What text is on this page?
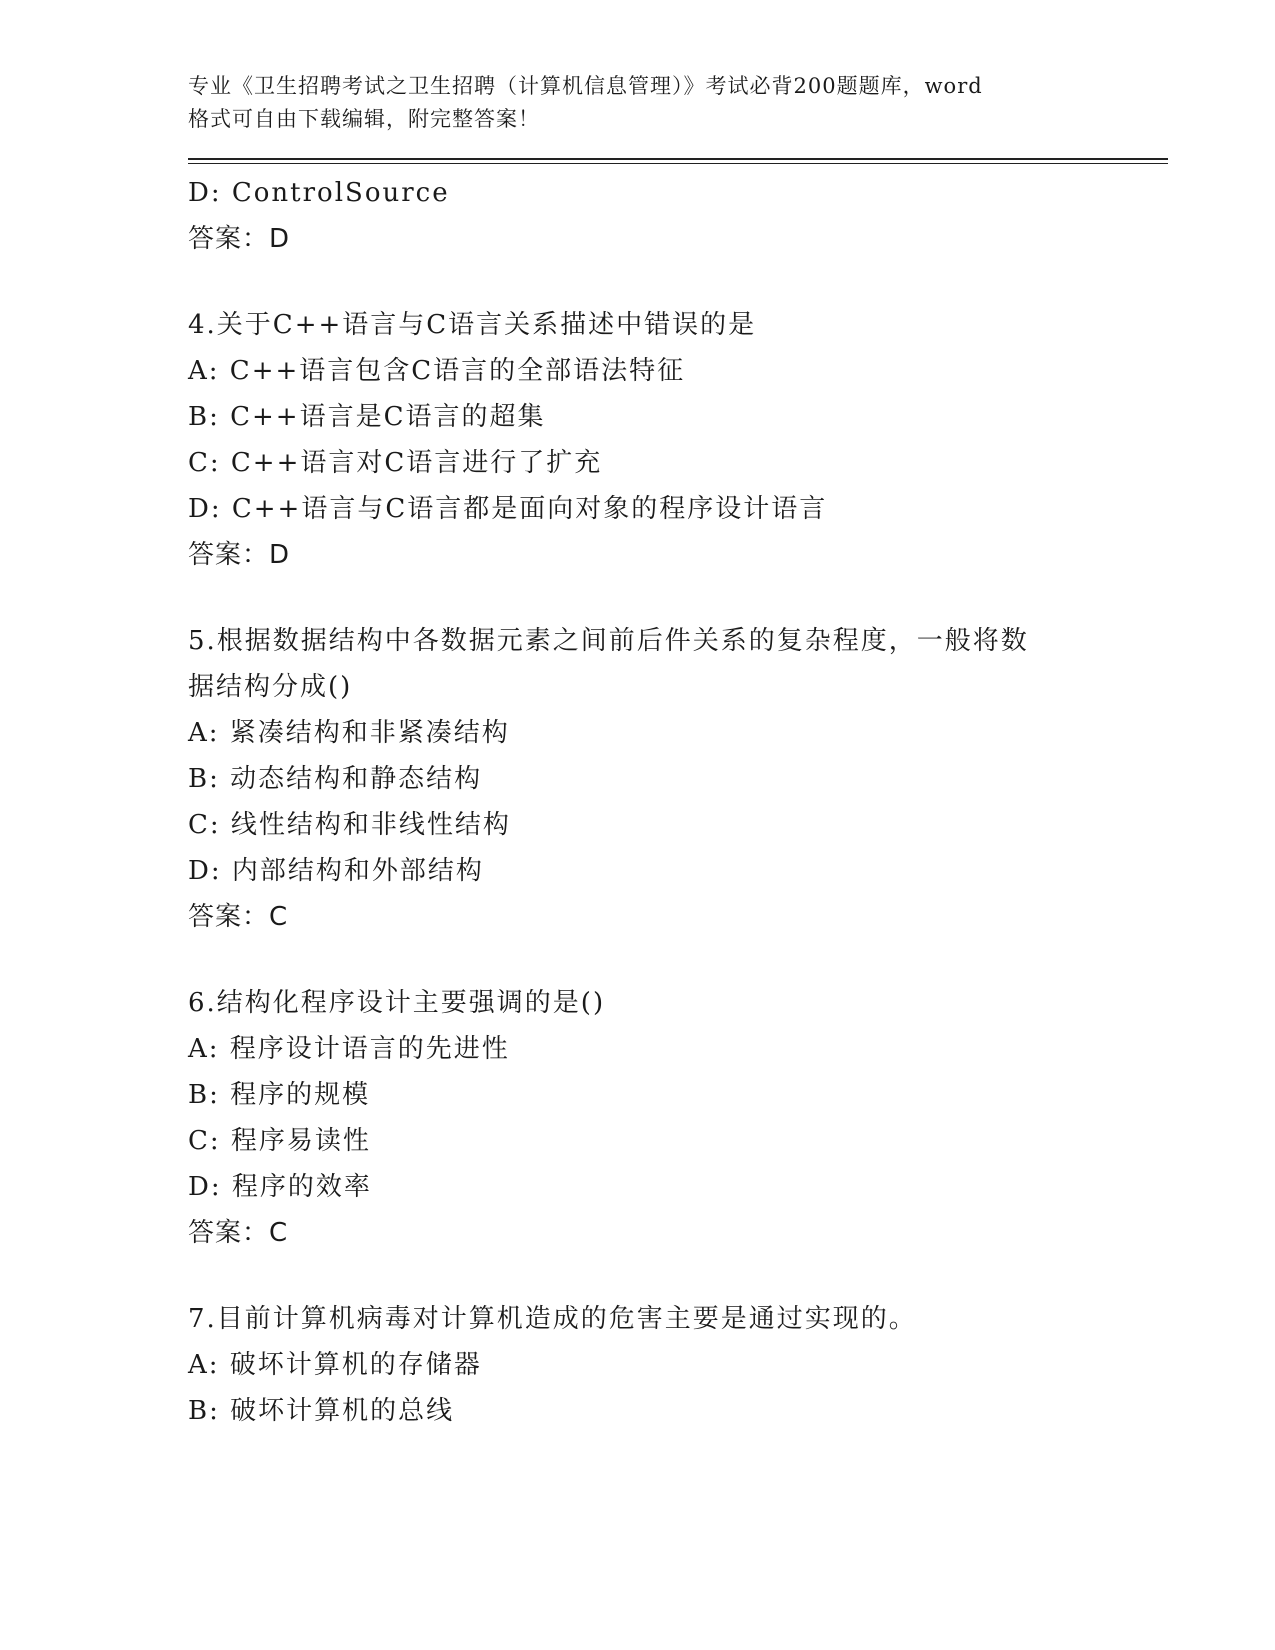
专业《卫生招聘考试之卫生招聘（计算机信息管理）》考试必背200题题库，word
格式可自由下载编辑，附完整答案！

D: ControlSource

答案：D

4.关于C++语言与C语言关系描述中错误的是

A: C++语言包含C语言的全部语法特征

B: C++语言是C语言的超集

C: C++语言对C语言进行了扩充

D: C++语言与C语言都是面向对象的程序设计语言

答案：D

5.根据数据结构中各数据元素之间前后件关系的复杂程度，一般将数

据结构分成()

A: 紧凑结构和非紧凑结构

B: 动态结构和静态结构

C: 线性结构和非线性结构

D: 内部结构和外部结构

答案：C

6.结构化程序设计主要强调的是()

A: 程序设计语言的先进性

B: 程序的规模

C: 程序易读性

D: 程序的效率

答案：C

7.目前计算机病毒对计算机造成的危害主要是通过实现的。

A: 破坏计算机的存储器

B: 破坏计算机的总线
